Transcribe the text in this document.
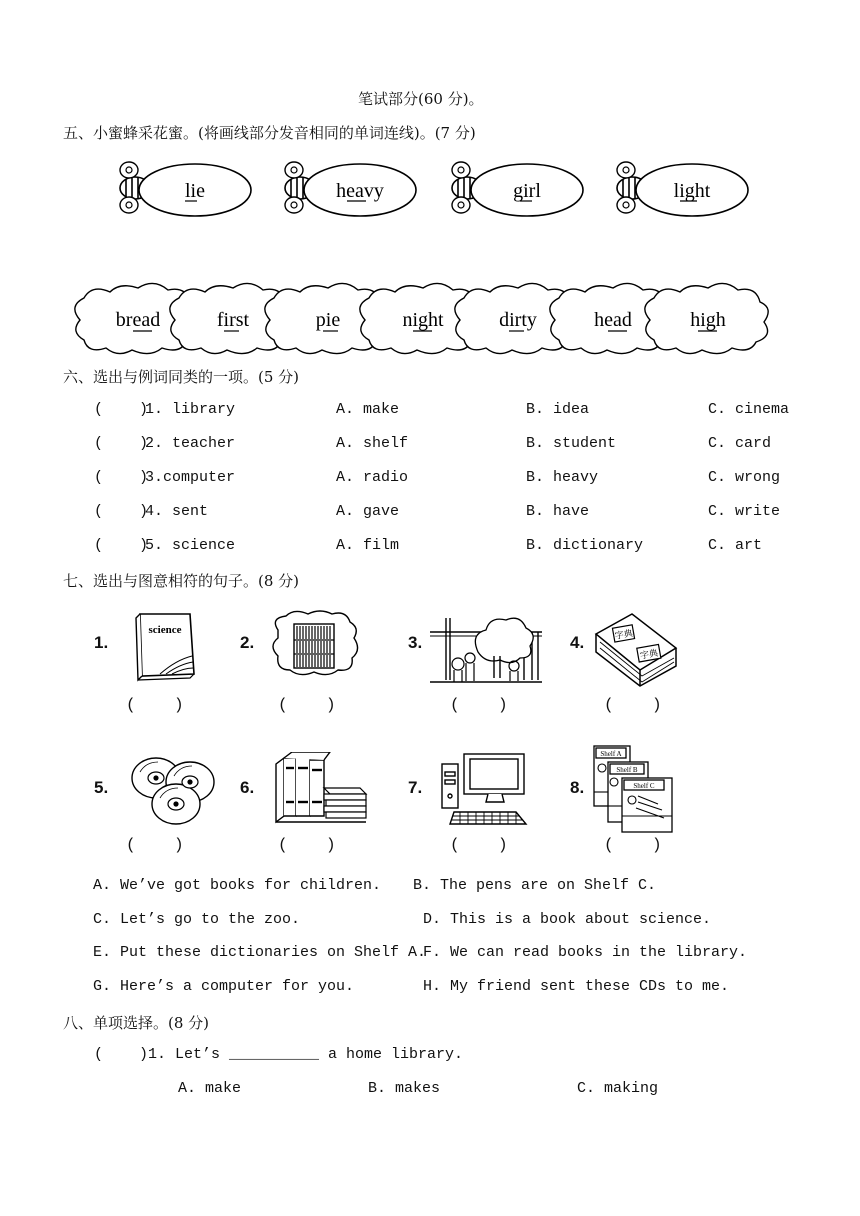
笔试部分(60 分)。
五、小蜜蜂采花蜜。(将画线部分发音相同的单词连线)。(7 分)
lie	heavy	girl	light
bread	first	pie	night	dirty	head	high
六、选出与例词同类的一项。(5 分)
(    )
1. library	A. make	B. idea	C. cinema
(    )
2. teacher	A. shelf	B. student	C. card
(    )
3.computer	A. radio	B. heavy	C. wrong
(    )
4. sent	A. gave	B. have	C. write
(    )
5. science	A. film	B. dictionary	C. art
七、选出与图意相符的句子。(8 分)
1.	2.	3.	4.
5.	6.	7.	8.
science	字典
字典
Shelf A
Shelf B
Shelf C
(    )	(    )	(    )	(    )
(    )	(    )	(    )	(    )
A. We’ve got books for children. B. The pens are on Shelf C.
C. Let’s go to the zoo.	D. This is a book about science.
E. Put these dictionaries on Shelf A.
F. We can read books in the library.
G. Here’s a computer for you.	H. My friend sent these CDs to me.
八、单项选择。(8 分)
(    )1. Let’s __________ a home library.
A. make	B. makes	C. making
